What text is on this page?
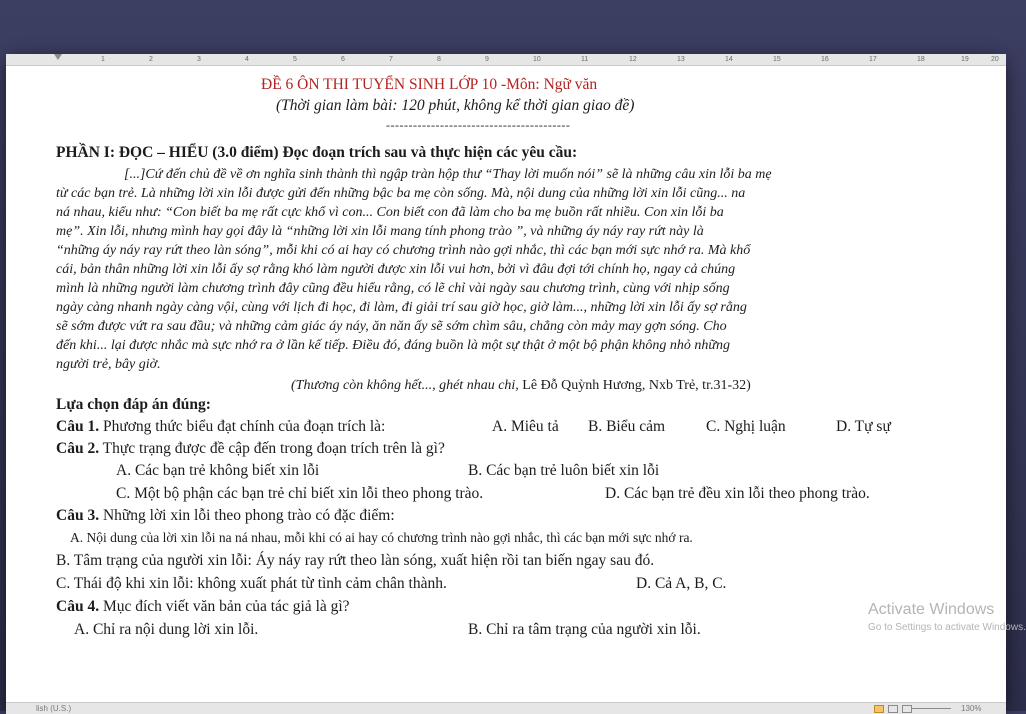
1	2	3	4	5	6	7	8	9	10	11	12	13	14	15	16	17	18	19	20
ĐỀ 6 ÔN THI TUYỂN SINH LỚP 10 -Môn: Ngữ văn
(Thời gian làm bài: 120 phút, không kể thời gian giao đề)
-----------------------------------------
PHẦN I: ĐỌC – HIỂU (3.0 điểm) Đọc đoạn trích sau và thực hiện các yêu cầu:
[...]Cứ đến chủ đề về ơn nghĩa sinh thành thì ngập tràn hộp thư “Thay lời muốn nói” sẽ là những câu xin lỗi ba mẹ
từ các bạn trẻ. Là những lời xin lỗi được gửi đến những bậc ba mẹ còn sống. Mà, nội dung của những lời xin lỗi cũng... na
ná nhau, kiểu như: “Con biết ba mẹ rất cực khổ vì con... Con biết con đã làm cho ba mẹ buồn rất nhiều. Con xin lỗi ba
mẹ”. Xin lỗi, nhưng mình hay gọi đây là “những lời xin lỗi mang tính phong trào ”, và những áy náy ray rứt này là
“những áy náy ray rứt theo làn sóng”, mỗi khi có ai hay có chương trình nào gợi nhắc, thì các bạn mới sực nhớ ra. Mà khổ
cái, bản thân những lời xin lỗi ấy sợ rằng khó làm người được xin lỗi vui hơn, bởi vì đâu đợi tới chính họ, ngay cả chúng
mình là những người làm chương trình đây cũng đều hiểu rằng, có lẽ chỉ vài ngày sau chương trình, cùng với nhịp sống
ngày càng nhanh ngày càng vội, cùng với lịch đi học, đi làm, đi giải trí sau giờ học, giờ làm..., những lời xin lỗi ấy sợ rằng
sẽ sớm được vứt ra sau đầu; và những cảm giác áy náy, ăn năn ấy sẽ sớm chìm sâu, chẳng còn mảy may gợn sóng. Cho
đến khi... lại được nhắc mà sực nhớ ra ở lần kế tiếp. Điều đó, đáng buồn là một sự thật ở một bộ phận không nhỏ những
người trẻ, bây giờ.
(Thương còn không hết..., ghét nhau chi, Lê Đỗ Quỳnh Hương, Nxb Trẻ, tr.31-32)
Lựa chọn đáp án đúng:
Câu 1. Phương thức biểu đạt chính của đoạn trích là:	A. Miêu tả B. Biểu cảm	C. Nghị luận	D. Tự sự
Câu 2. Thực trạng được đề cập đến trong đoạn trích trên là gì?
A. Các bạn trẻ không biết xin lỗi	B. Các bạn trẻ luôn biết xin lỗi
C. Một bộ phận các bạn trẻ chỉ biết xin lỗi theo phong trào.	D. Các bạn trẻ đều xin lỗi theo phong trào.
Câu 3. Những lời xin lỗi theo phong trào có đặc điểm:
A. Nội dung của lời xin lỗi na ná nhau, mỗi khi có ai hay có chương trình nào gợi nhắc, thì các bạn mới sực nhớ ra.
B. Tâm trạng của người xin lỗi: Áy náy ray rứt theo làn sóng, xuất hiện rồi tan biến ngay sau đó.
C. Thái độ khi xin lỗi: không xuất phát từ tình cảm chân thành.	D. Cả A, B, C.
Câu 4. Mục đích viết văn bản của tác giả là gì?
A. Chỉ ra nội dung lời xin lỗi.	B. Chỉ ra tâm trạng của người xin lỗi.
Activate Windows
Go to Settings to activate Windows.
lish (U.S.)	130%
